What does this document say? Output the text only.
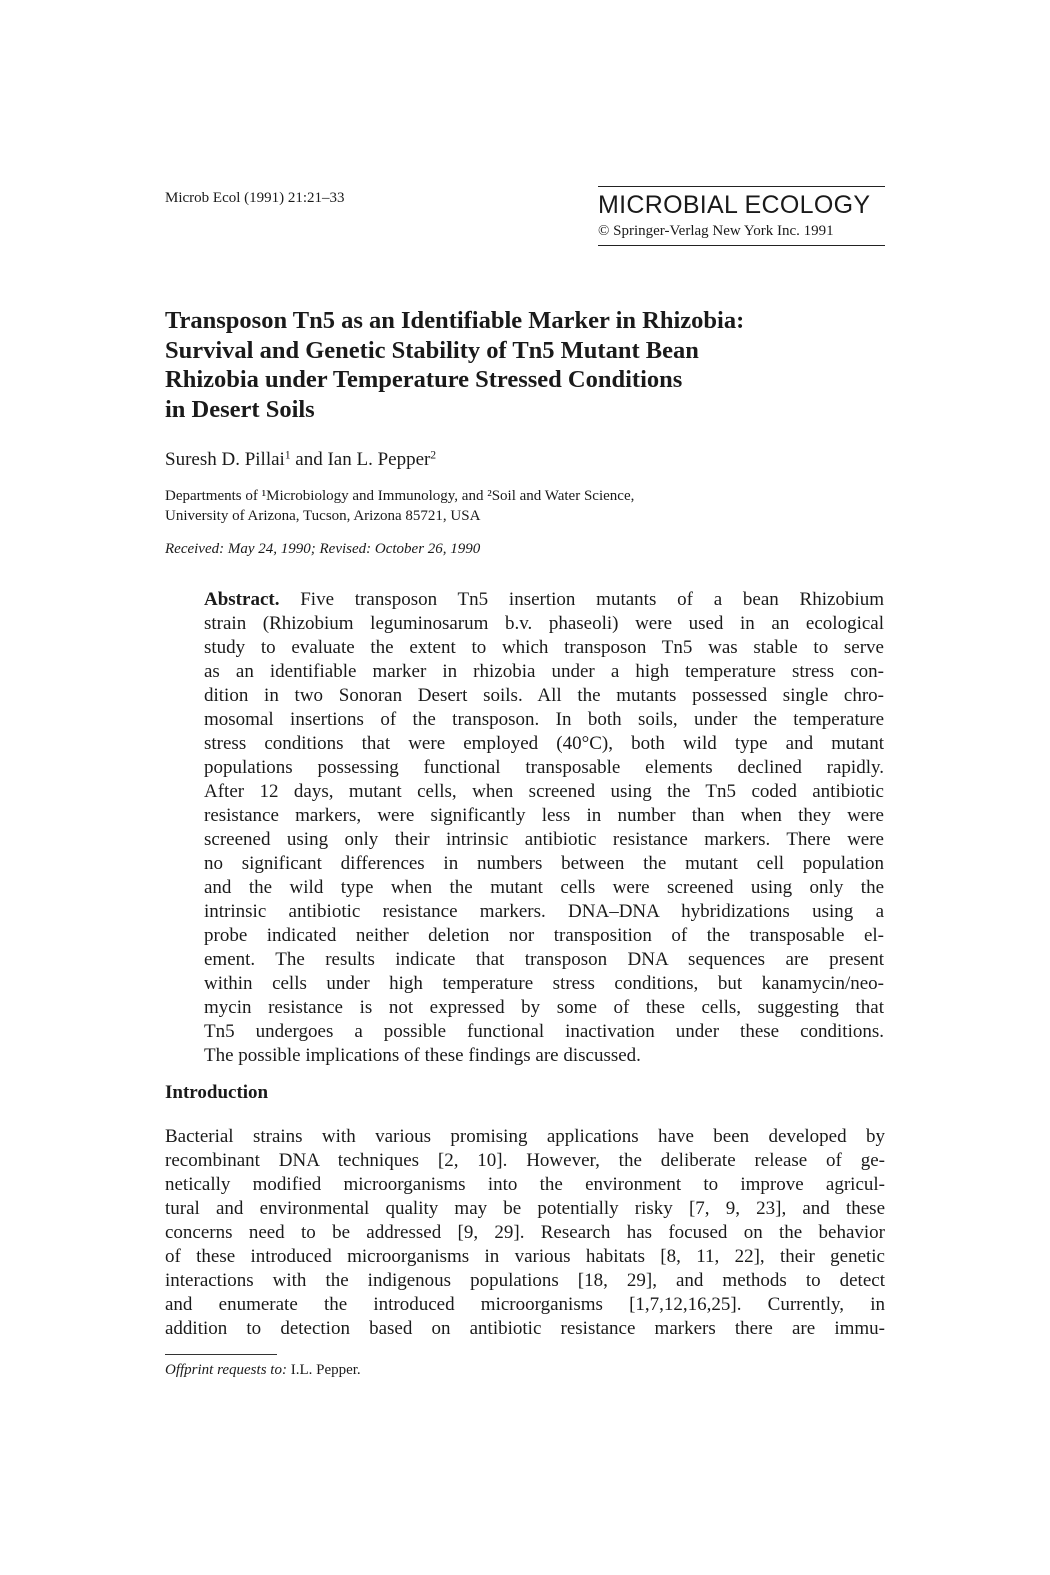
Microb Ecol (1991) 21:21–33	MICROBIAL ECOLOGY
© Springer-Verlag New York Inc. 1991
Transposon Tn5 as an Identifiable Marker in Rhizobia:
Survival and Genetic Stability of Tn5 Mutant Bean
Rhizobia under Temperature Stressed Conditions
in Desert Soils
Suresh D. Pillai$^1$ and Ian L. Pepper$^2$
Departments of ¹Microbiology and Immunology, and ²Soil and Water Science,
University of Arizona, Tucson, Arizona 85721, USA
Received: May 24, 1990; Revised: October 26, 1990
Abstract. Five transposon Tn5 insertion mutants of a bean Rhizobium
strain (Rhizobium leguminosarum b.v. phaseoli) were used in an ecological
study to evaluate the extent to which transposon Tn5 was stable to serve
as an identifiable marker in rhizobia under a high temperature stress con-
dition in two Sonoran Desert soils. All the mutants possessed single chro-
mosomal insertions of the transposon. In both soils, under the temperature
stress conditions that were employed (40°C), both wild type and mutant
populations possessing functional transposable elements declined rapidly.
After 12 days, mutant cells, when screened using the Tn5 coded antibiotic
resistance markers, were significantly less in number than when they were
screened using only their intrinsic antibiotic resistance markers. There were
no significant differences in numbers between the mutant cell population
and the wild type when the mutant cells were screened using only the
intrinsic antibiotic resistance markers. DNA–DNA hybridizations using a
probe indicated neither deletion nor transposition of the transposable el-
ement. The results indicate that transposon DNA sequences are present
within cells under high temperature stress conditions, but kanamycin/neo-
mycin resistance is not expressed by some of these cells, suggesting that
Tn5 undergoes a possible functional inactivation under these conditions.
The possible implications of these findings are discussed.
Introduction
Bacterial strains with various promising applications have been developed by
recombinant DNA techniques [2, 10]. However, the deliberate release of ge-
netically modified microorganisms into the environment to improve agricul-
tural and environmental quality may be potentially risky [7, 9, 23], and these
concerns need to be addressed [9, 29]. Research has focused on the behavior
of these introduced microorganisms in various habitats [8, 11, 22], their genetic
interactions with the indigenous populations [18, 29], and methods to detect
and enumerate the introduced microorganisms [1,7,12,16,25]. Currently, in
addition to detection based on antibiotic resistance markers there are immu-
Offprint requests to: I.L. Pepper.
